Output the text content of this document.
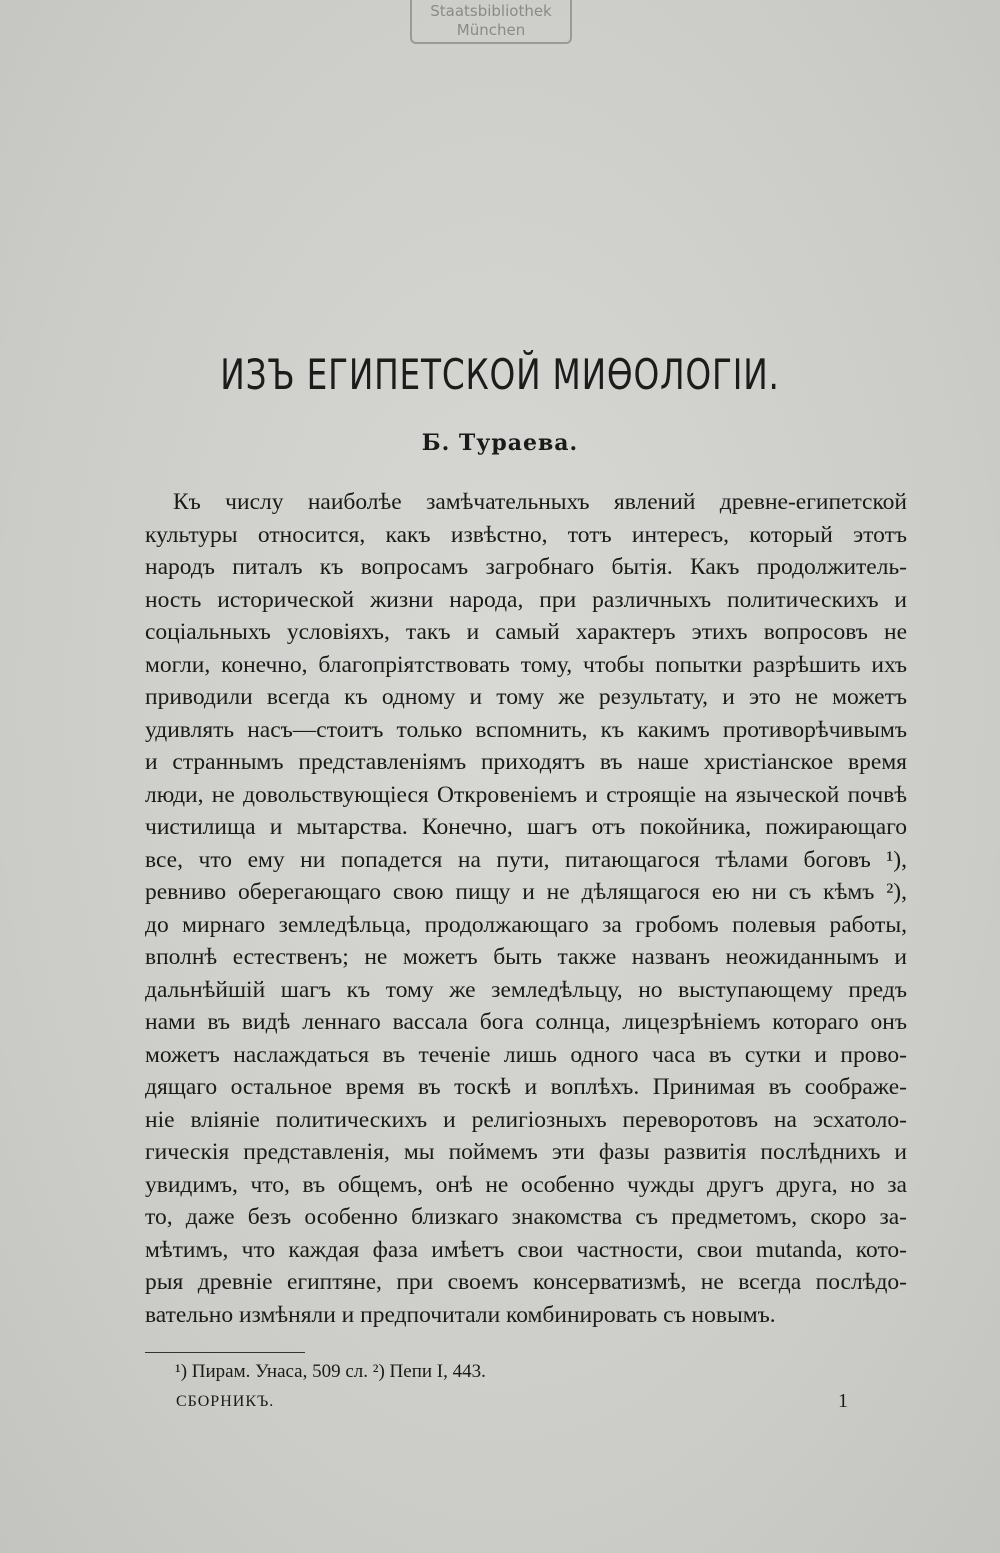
Staatsbibliothek
München
ИЗЪ ЕГИПЕТСКОЙ МИѲОЛОГІИ.

Б. Тураева.

Къ числу наиболѣе замѣчательныхъ явлений древне-египетской
культуры относится, какъ извѣстно, тотъ интересъ, который этотъ
народъ питалъ къ вопросамъ загробнаго бытія. Какъ продолжитель-
ность исторической жизни народа, при различныхъ политическихъ и
соціальныхъ условіяхъ, такъ и самый характеръ этихъ вопросовъ не
могли, конечно, благопріятствовать тому, чтобы попытки разрѣшить ихъ
приводили всегда къ одному и тому же результату, и это не можетъ
удивлять насъ—стоитъ только вспомнить, къ какимъ противорѣчивымъ
и страннымъ представленіямъ приходятъ въ наше христіанское время
люди, не довольствующіеся Откровеніемъ и строящіе на языческой почвѣ
чистилища и мытарства. Конечно, шагъ отъ покойника, пожирающаго
все, что ему ни попадется на пути, питающагося тѣлами боговъ ¹),
ревниво оберегающаго свою пищу и не дѣлящагося ею ни съ кѣмъ ²),
до мирнаго земледѣльца, продолжающаго за гробомъ полевыя работы,
вполнѣ естественъ; не можетъ быть также названъ неожиданнымъ и
дальнѣйшій шагъ къ тому же земледѣльцу, но выступающему предъ
нами въ видѣ леннаго вассала бога солнца, лицезрѣніемъ котораго онъ
можетъ наслаждаться въ теченіе лишь одного часа въ сутки и прово-
дящаго остальное время въ тоскѣ и воплѣхъ. Принимая въ соображе-
ніе вліяніе политическихъ и религіозныхъ переворотовъ на эсхатоло-
гическія представленія, мы поймемъ эти фазы развитія послѣднихъ и
увидимъ, что, въ общемъ, онѣ не особенно чужды другъ друга, но за
то, даже безъ особенно близкаго знакомства съ предметомъ, скоро за-
мѣтимъ, что каждая фаза имѣетъ свои частности, свои mutanda, кото-
рыя древніе египтяне, при своемъ консерватизмѣ, не всегда послѣдо-
вательно измѣняли и предпочитали комбинировать съ новымъ.
¹) Пирам. Унаса, 509 сл. ²) Пепи I, 443.
СБОРНИКЪ.	1
